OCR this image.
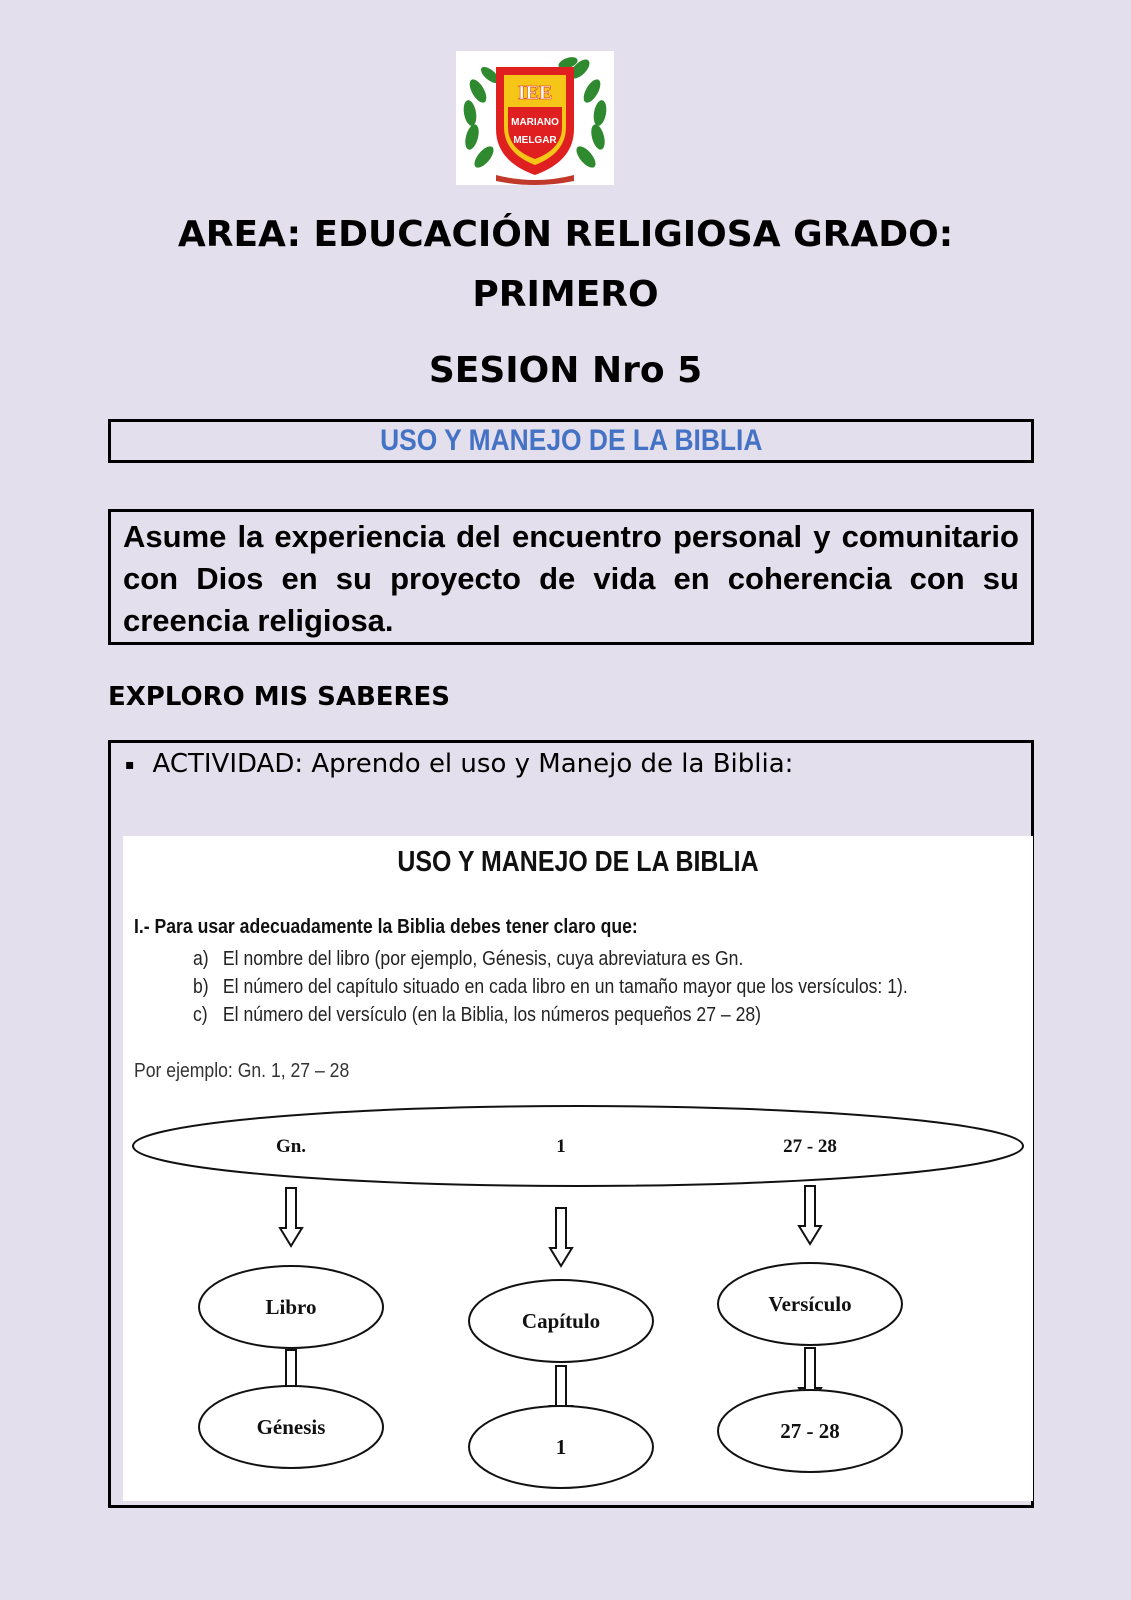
IEE
MARIANO
MELGAR
AREA: EDUCACIÓN RELIGIOSA GRADO:
PRIMERO
SESION Nro 5
USO Y MANEJO DE LA BIBLIA
Asume la experiencia del encuentro personal y comunitario con Dios en su proyecto de vida en coherencia con su creencia religiosa.
EXPLORO MIS SABERES
▪ ACTIVIDAD: Aprendo el uso y Manejo de la Biblia:
USO Y MANEJO DE LA BIBLIA
I.- Para usar adecuadamente la Biblia debes tener claro que:
a) El nombre del libro (por ejemplo, Génesis, cuya abreviatura es Gn.
b) El número del capítulo situado en cada libro en un tamaño mayor que los versículos: 1).
c) El número del versículo (en la Biblia, los números pequeños 27 – 28)
Por ejemplo: Gn. 1, 27 – 28
Gn.	1	27 - 28
Libro
Capítulo
Versículo
Génesis
1
27 - 28
